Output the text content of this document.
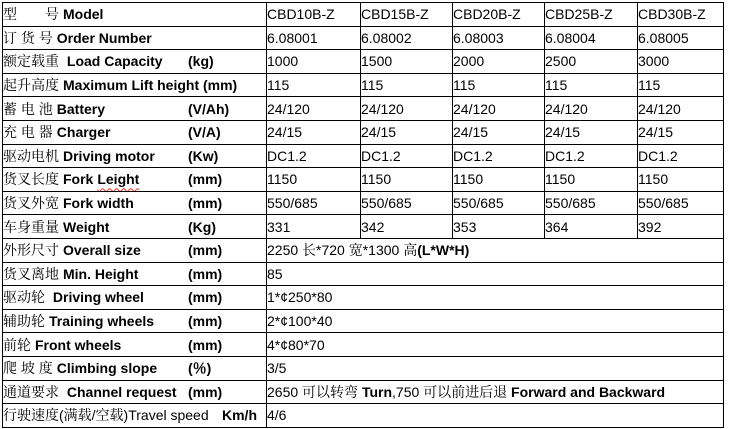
型　　号 Model	CBD10B-Z	CBD15B-Z	CBD20B-Z	CBD25B-Z	CBD30B-Z
订 货 号 Order Number	6.08001	6.08002	6.08003	6.08004	6.08005
额定载重 Load Capacity (kg)	1000	1500	2000	2500	3000
起升高度 Maximum Lift height (mm)	115	115	115	115	115
蓄 电 池 Battery (V/Ah)	24/120	24/120	24/120	24/120	24/120
充 电 器 Charger (V/A)	24/15	24/15	24/15	24/15	24/15
驱动电机 Driving motor (Kw)	DC1.2	DC1.2	DC1.2	DC1.2	DC1.2
货叉长度 Fork Leight (mm)	1150	1150	1150	1150	1150
货叉外宽 Fork width (mm)	550/685	550/685	550/685	550/685	550/685
车身重量 Weight (Kg)	331	342	353	364	392
外形尺寸 Overall size (mm)	2250 长*720 宽*1300 高(L*W*H)				
货叉离地 Min. Height (mm)	85				
驱动轮 Driving wheel (mm)	1*¢250*80				
辅助轮 Training wheels (mm)	2*¢100*40				
前轮 Front wheels (mm)	4*¢80*70				
爬 坡 度 Climbing slope (％)	3/5				
通道要求 Channel request (mm)	2650 可以转弯 Turn,750 可以前进后退 Forward and Backward				
行驶速度(满载/空载)Travel speed Km/h	4/6				
